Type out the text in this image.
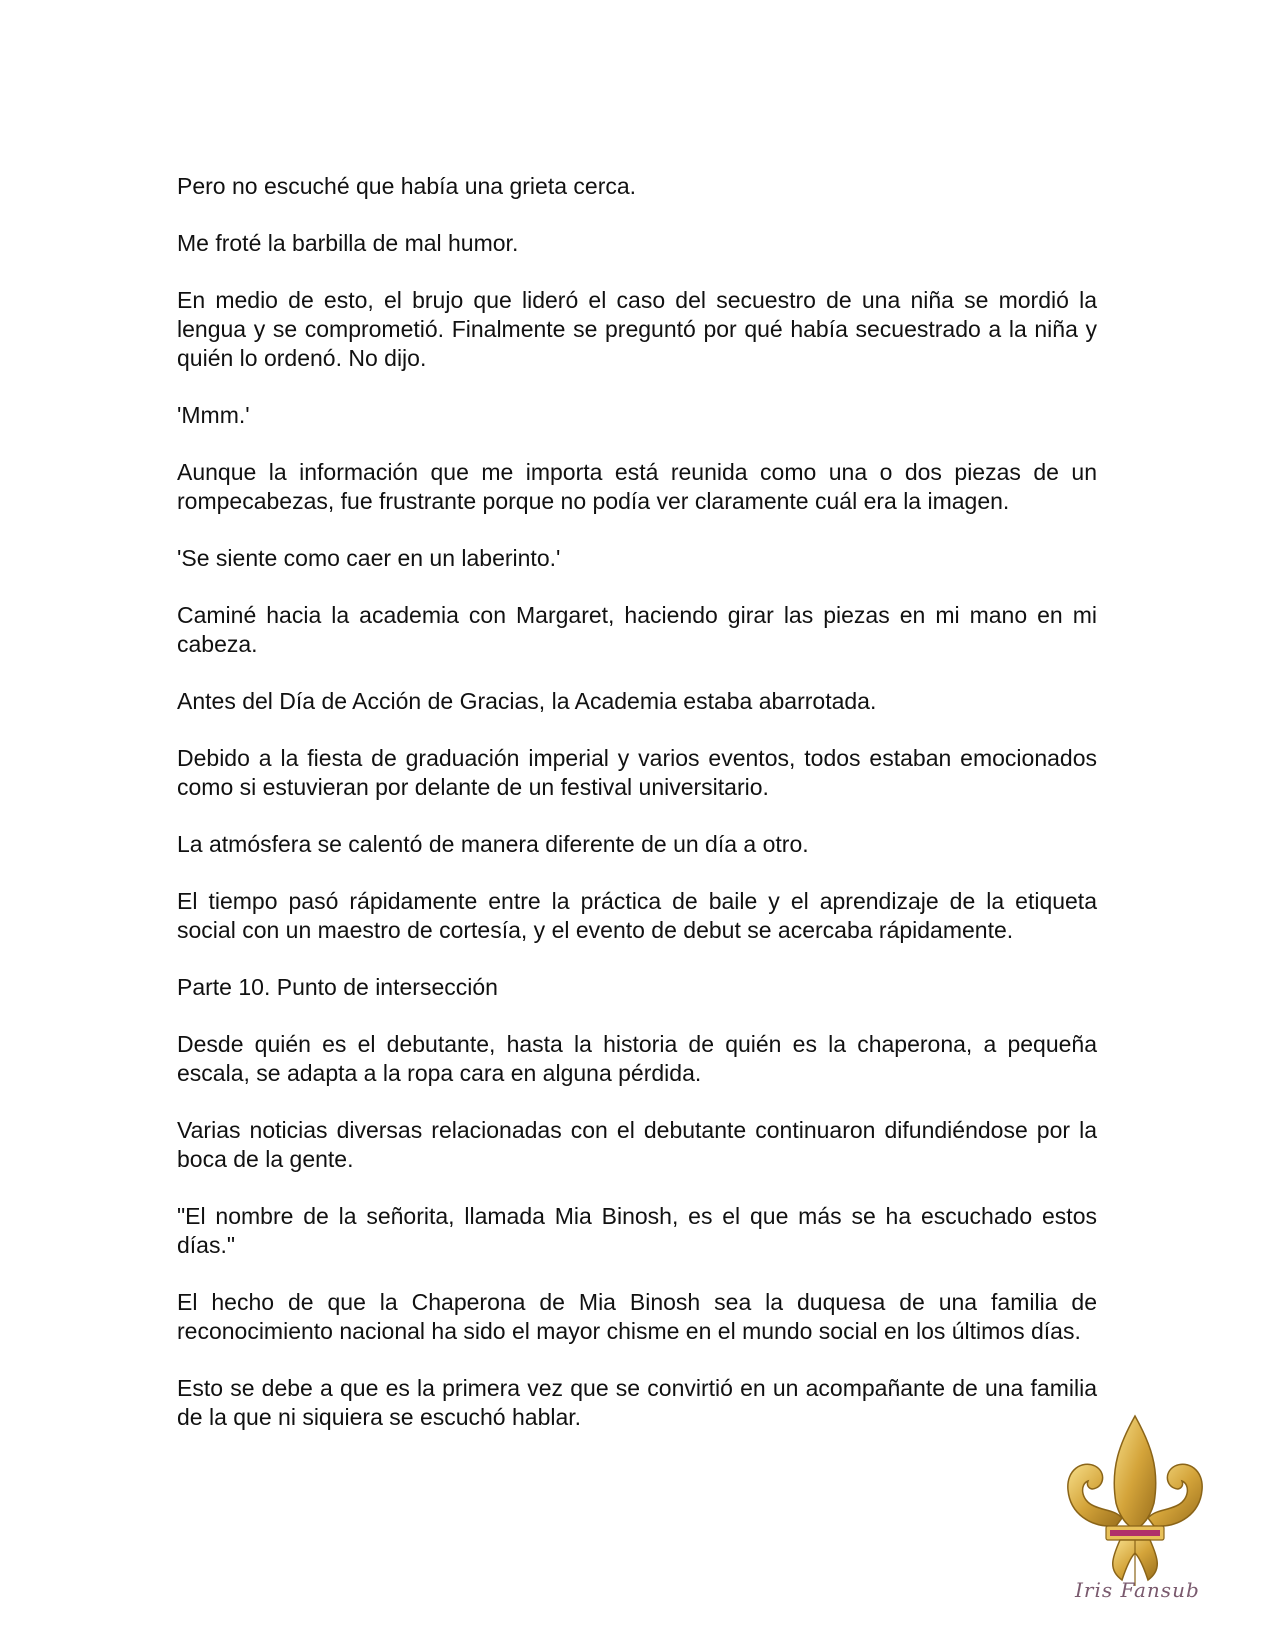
Pero no escuché que había una grieta cerca.

Me froté la barbilla de mal humor.

En medio de esto, el brujo que lideró el caso del secuestro de una niña se mordió la lengua y se comprometió. Finalmente se preguntó por qué había secuestrado a la niña y quién lo ordenó. No dijo.

'Mmm.'

Aunque la información que me importa está reunida como una o dos piezas de un rompecabezas, fue frustrante porque no podía ver claramente cuál era la imagen.

'Se siente como caer en un laberinto.'

Caminé hacia la academia con Margaret, haciendo girar las piezas en mi mano en mi cabeza.

Antes del Día de Acción de Gracias, la Academia estaba abarrotada.

Debido a la fiesta de graduación imperial y varios eventos, todos estaban emocionados como si estuvieran por delante de un festival universitario.

La atmósfera se calentó de manera diferente de un día a otro.

El tiempo pasó rápidamente entre la práctica de baile y el aprendizaje de la etiqueta social con un maestro de cortesía, y el evento de debut se acercaba rápidamente.

Parte 10. Punto de intersección

Desde quién es el debutante, hasta la historia de quién es la chaperona, a pequeña escala, se adapta a la ropa cara en alguna pérdida.

Varias noticias diversas relacionadas con el debutante continuaron difundiéndose por la boca de la gente.

"El nombre de la señorita, llamada Mia Binosh, es el que más se ha escuchado estos días."

El hecho de que la Chaperona de Mia Binosh sea la duquesa de una familia de reconocimiento nacional ha sido el mayor chisme en el mundo social en los últimos días.

Esto se debe a que es la primera vez que se convirtió en un acompañante de una familia de la que ni siquiera se escuchó hablar.

Iris Fansub
